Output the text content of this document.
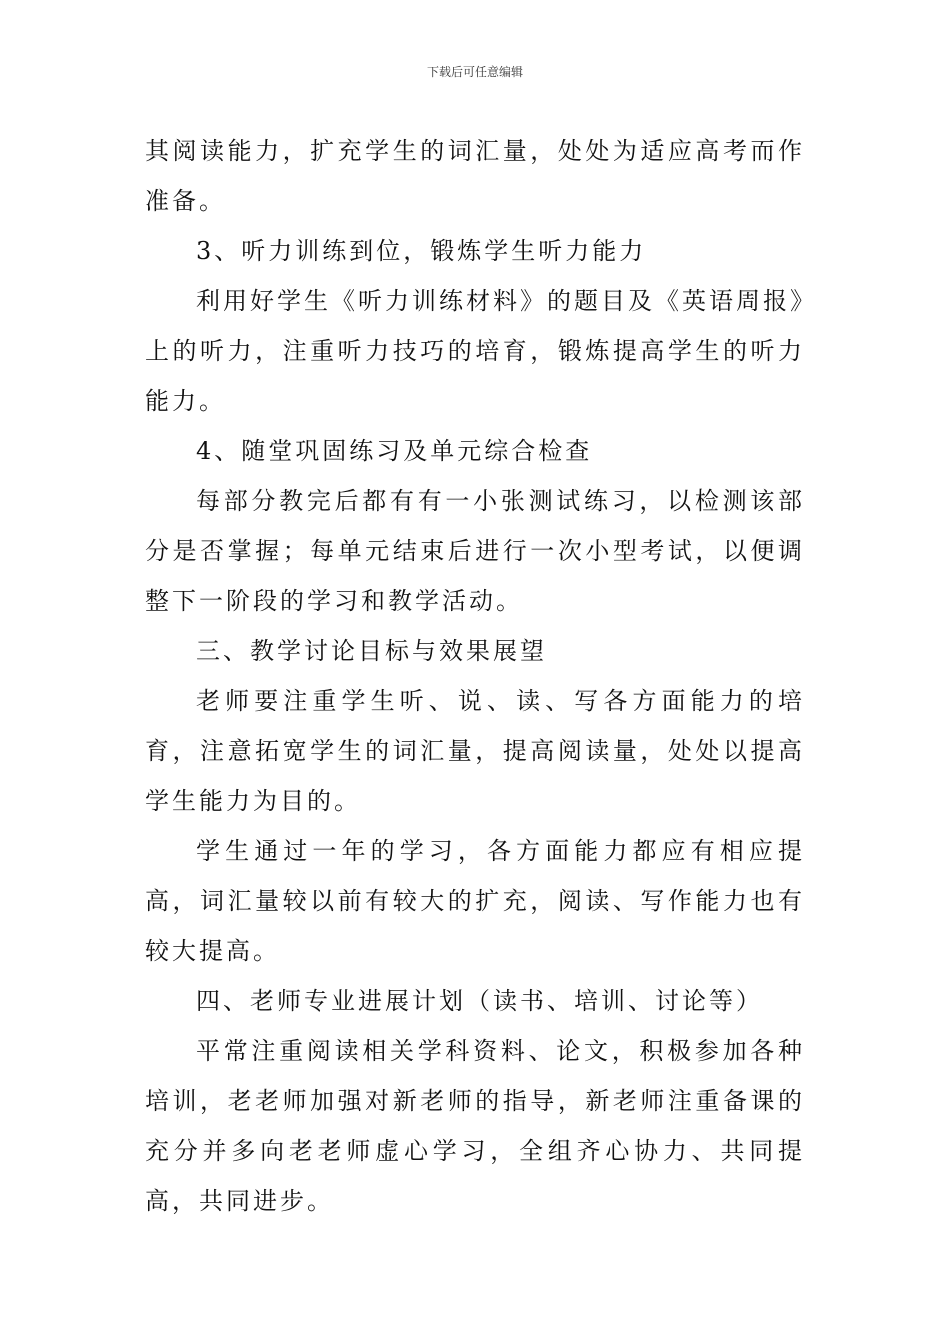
下载后可任意编辑

其阅读能力，扩充学生的词汇量，处处为适应高考而作准备。

3、听力训练到位，锻炼学生听力能力

利用好学生《听力训练材料》的题目及《英语周报》上的听力，注重听力技巧的培育，锻炼提高学生的听力能力。

4、随堂巩固练习及单元综合检查

每部分教完后都有有一小张测试练习，以检测该部分是否掌握；每单元结束后进行一次小型考试，以便调整下一阶段的学习和教学活动。

三、教学讨论目标与效果展望

老师要注重学生听、说、读、写各方面能力的培育，注意拓宽学生的词汇量，提高阅读量，处处以提高学生能力为目的。

学生通过一年的学习，各方面能力都应有相应提高，词汇量较以前有较大的扩充，阅读、写作能力也有较大提高。

四、老师专业进展计划（读书、培训、讨论等）

平常注重阅读相关学科资料、论文，积极参加各种培训，老老师加强对新老师的指导，新老师注重备课的充分并多向老老师虚心学习，全组齐心协力、共同提高，共同进步。
